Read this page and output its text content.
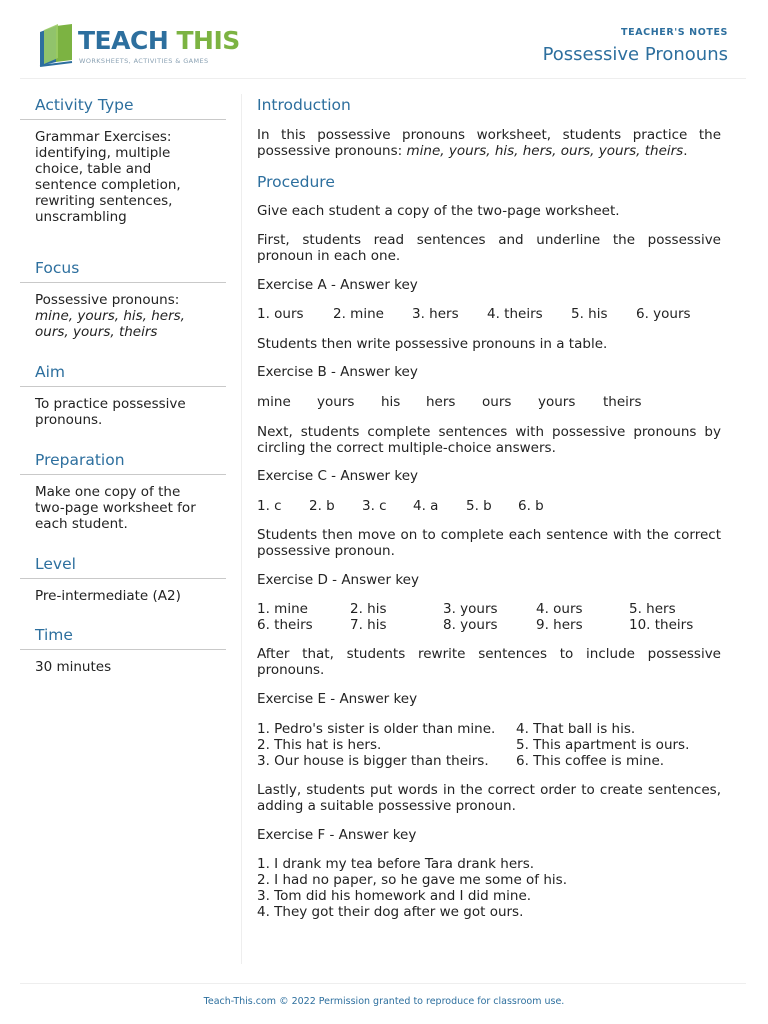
TEACH THIS
WORKSHEETS, ACTIVITIES & GAMES
TEACHER'S NOTES
Possessive Pronouns
Activity Type
Grammar Exercises: identifying, multiple choice, table and sentence completion, rewriting sentences, unscrambling
Focus
Possessive pronouns:
mine, yours, his, hers, ours, yours, theirs
Aim
To practice possessive pronouns.
Preparation
Make one copy of the two-page worksheet for each student.
Level
Pre-intermediate (A2)
Time
30 minutes
Introduction

In this possessive pronouns worksheet, students practice the possessive pronouns: mine, yours, his, hers, ours, yours, theirs.

Procedure

Give each student a copy of the two-page worksheet.

First, students read sentences and underline the possessive pronoun in each one.

Exercise A - Answer key

1. ours	2. mine	3. hers	4. theirs	5. his	6. yours

Students then write possessive pronouns in a table.

Exercise B - Answer key

mine	yours	his	hers	ours	yours	theirs

Next, students complete sentences with possessive pronouns by circling the correct multiple-choice answers.

Exercise C - Answer key

1. c	2. b	3. c	4. a	5. b	6. b

Students then move on to complete each sentence with the correct possessive pronoun.

Exercise D - Answer key

1. mine	2. his	3. yours	4. ours	5. hers
6. theirs	7. his	8. yours	9. hers	10. theirs

After that, students rewrite sentences to include possessive pronouns.

Exercise E - Answer key

1. Pedro's sister is older than mine.	4. That ball is his.
2. This hat is hers.	5. This apartment is ours.
3. Our house is bigger than theirs.	6. This coffee is mine.

Lastly, students put words in the correct order to create sentences, adding a suitable possessive pronoun.

Exercise F - Answer key

1. I drank my tea before Tara drank hers.
2. I had no paper, so he gave me some of his.
3. Tom did his homework and I did mine.
4. They got their dog after we got ours.
Teach-This.com © 2022 Permission granted to reproduce for classroom use.
